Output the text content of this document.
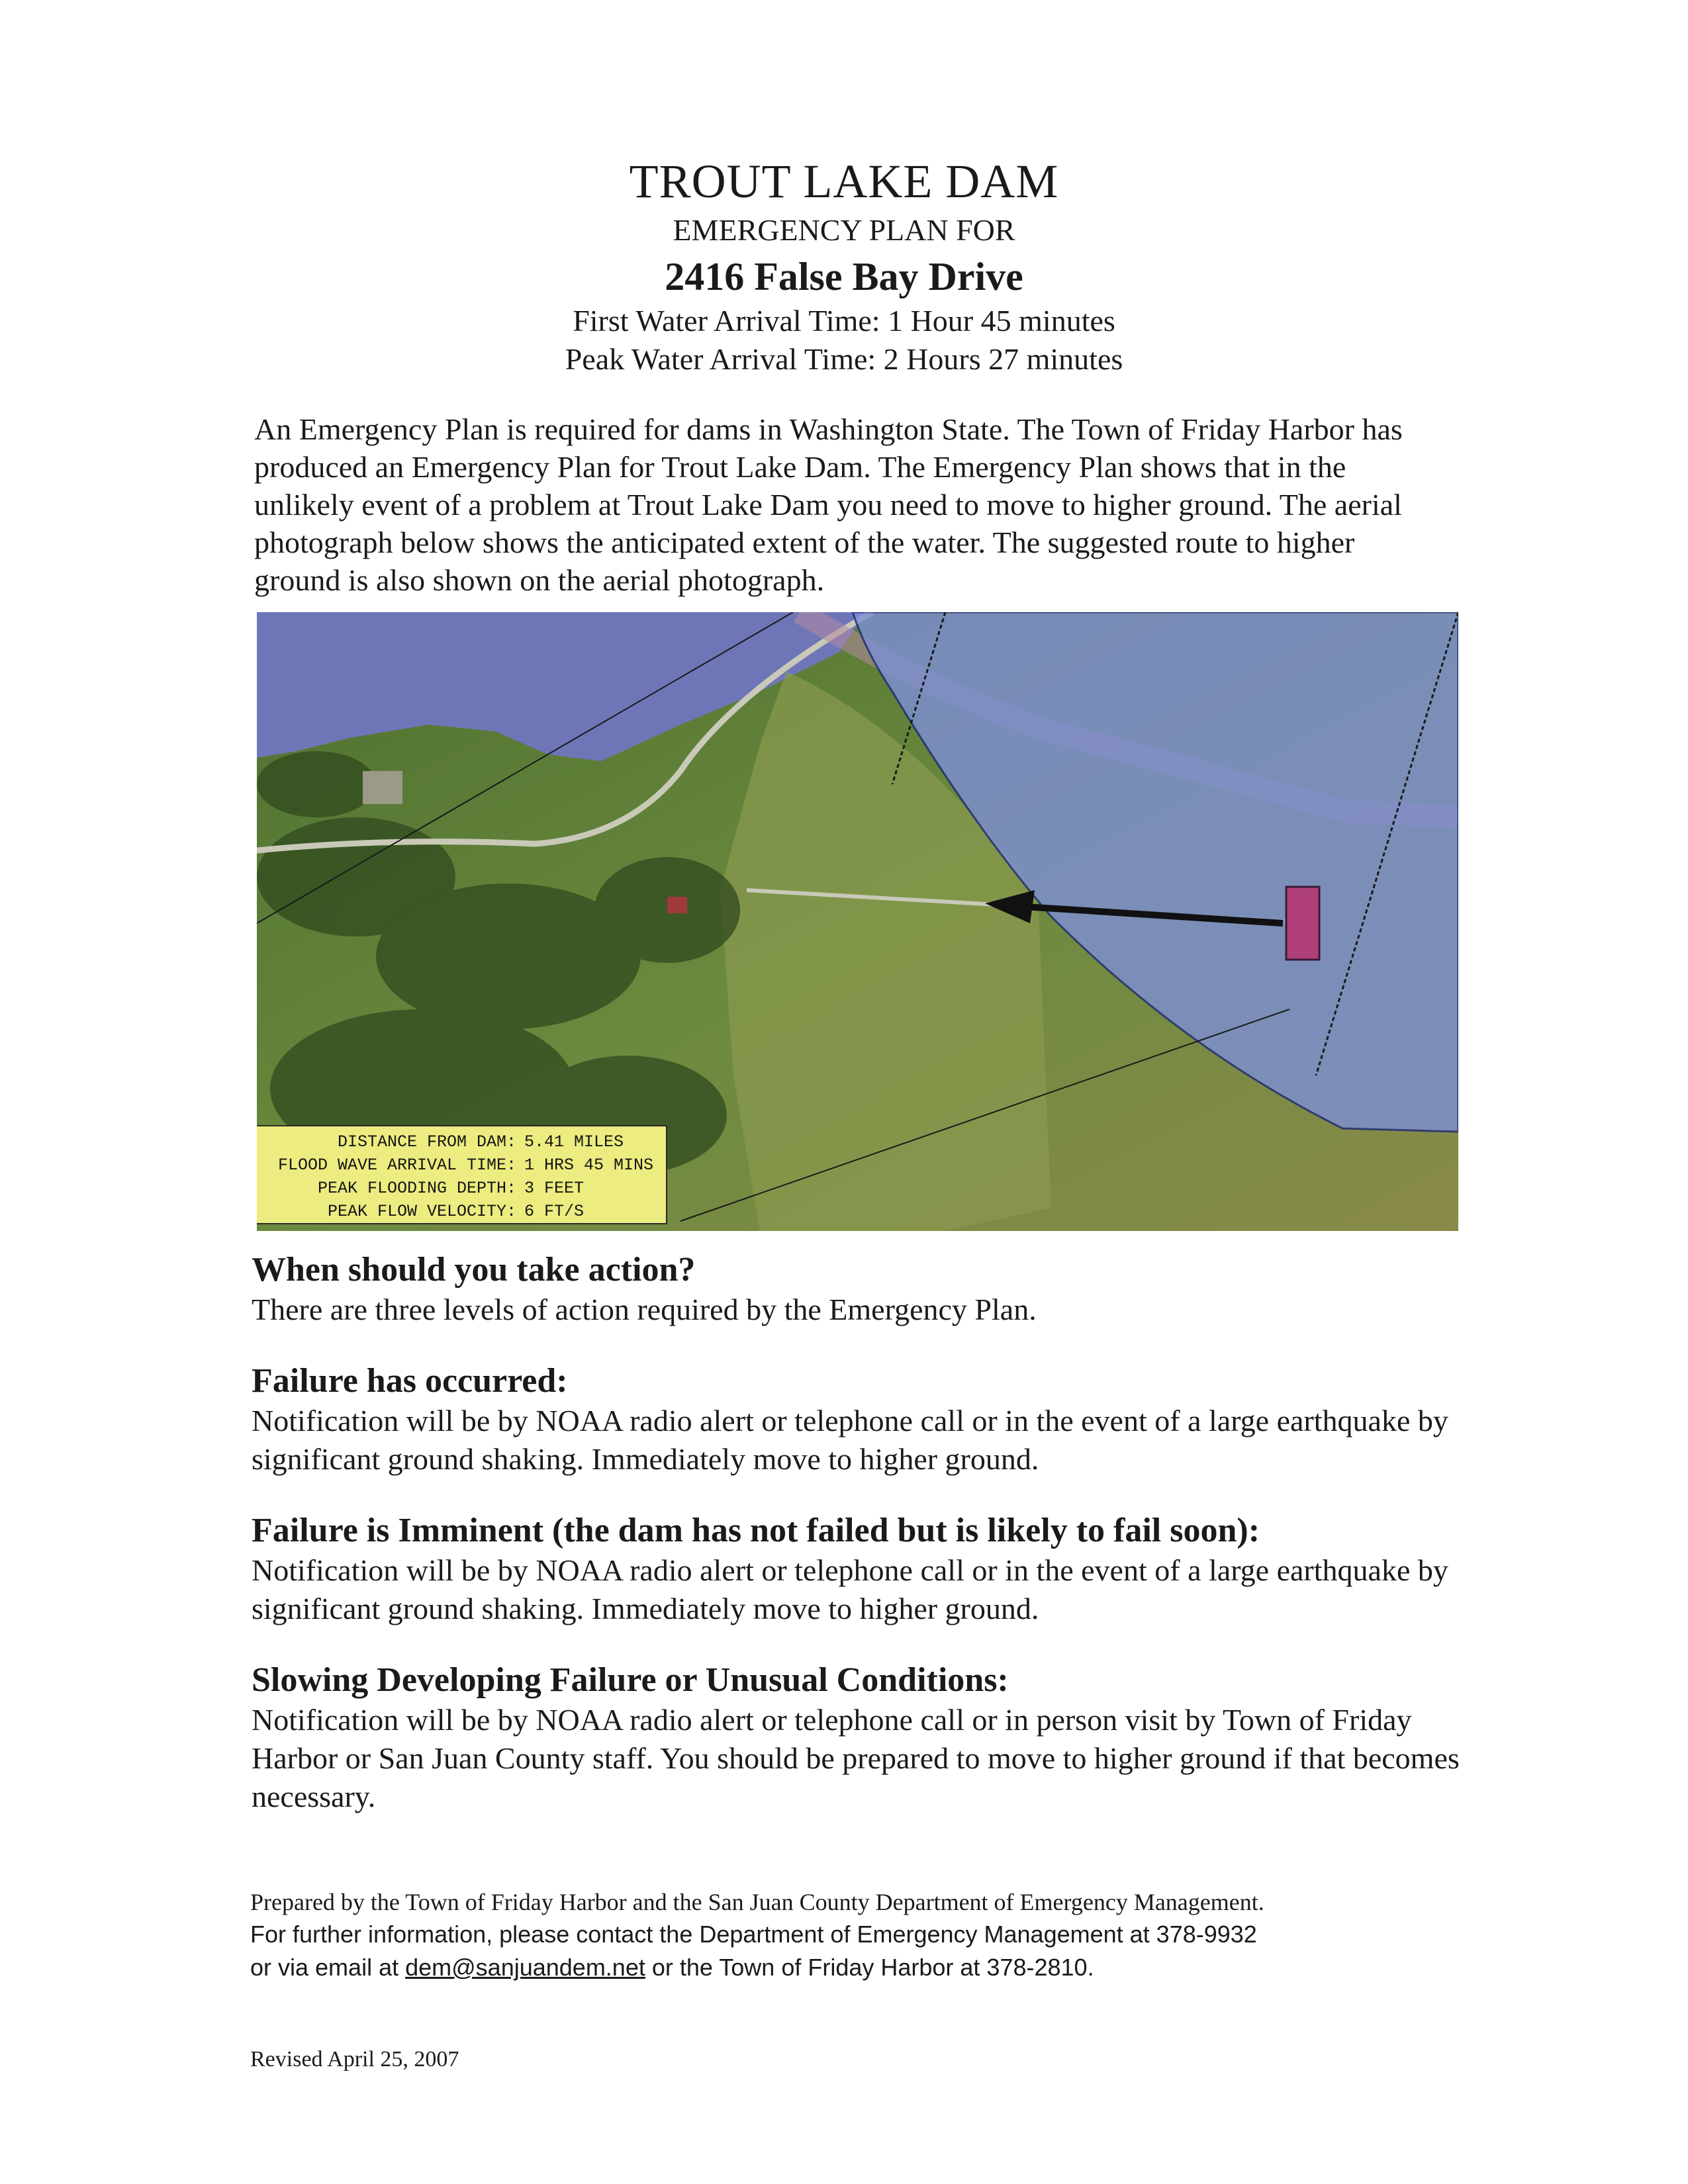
TROUT LAKE DAM
EMERGENCY PLAN FOR
2416 False Bay Drive
First Water Arrival Time: 1 Hour 45 minutes
Peak Water Arrival Time: 2 Hours 27 minutes
An Emergency Plan is required for dams in Washington State. The Town of Friday Harbor has produced an Emergency Plan for Trout Lake Dam. The Emergency Plan shows that in the unlikely event of a problem at Trout Lake Dam you need to move to higher ground. The aerial photograph below shows the anticipated extent of the water. The suggested route to higher ground is also shown on the aerial photograph.
DISTANCE FROM DAM: 5.41 MILES
FLOOD WAVE ARRIVAL TIME: 1 HRS 45 MINS
PEAK FLOODING DEPTH: 3 FEET
PEAK FLOW VELOCITY: 6 FT/S
When should you take action?

There are three levels of action required by the Emergency Plan.

Failure has occurred:

Notification will be by NOAA radio alert or telephone call or in the event of a large earthquake by significant ground shaking. Immediately move to higher ground.

Failure is Imminent (the dam has not failed but is likely to fail soon):

Notification will be by NOAA radio alert or telephone call or in the event of a large earthquake by significant ground shaking. Immediately move to higher ground.

Slowing Developing Failure or Unusual Conditions:

Notification will be by NOAA radio alert or telephone call or in person visit by Town of Friday Harbor or San Juan County staff. You should be prepared to move to higher ground if that becomes necessary.

Prepared by the Town of Friday Harbor and the San Juan County Department of Emergency Management.
For further information, please contact the Department of Emergency Management at 378-9932
or via email at dem@sanjuandem.net or the Town of Friday Harbor at 378-2810.
Revised April 25, 2007
